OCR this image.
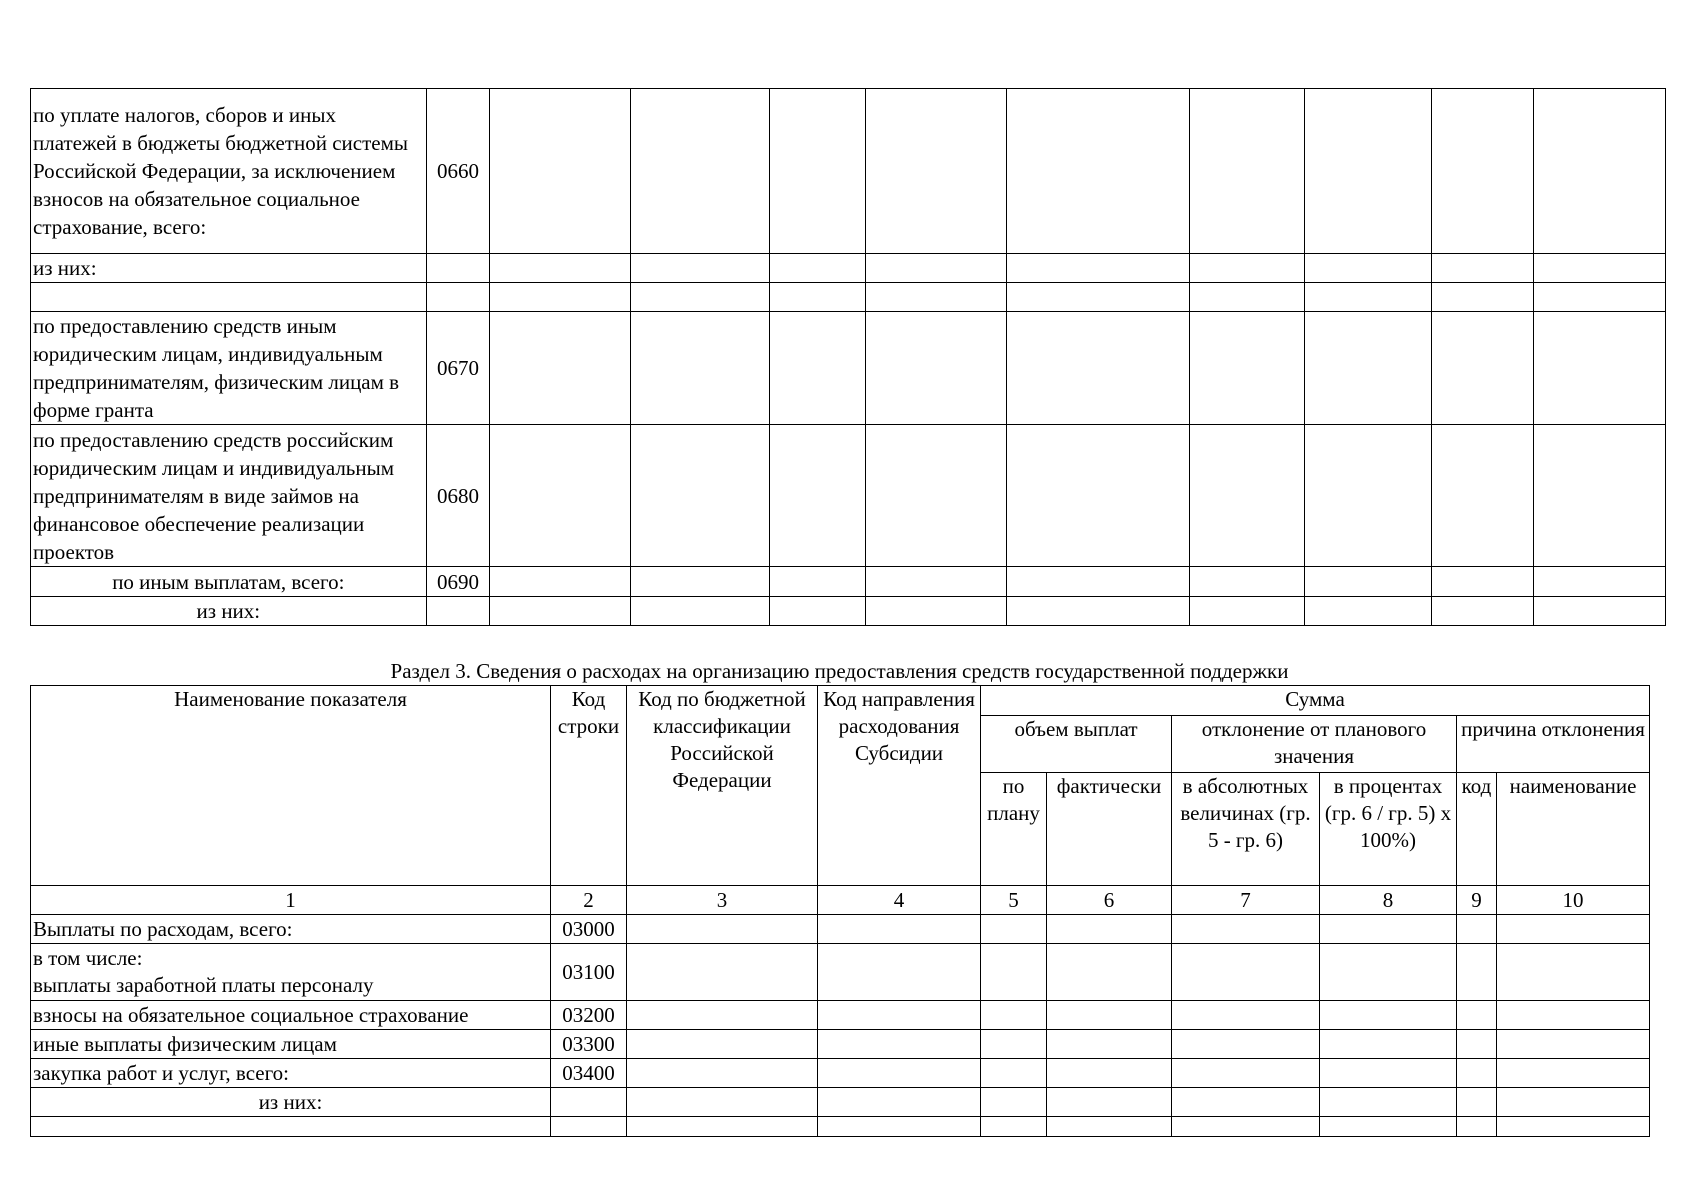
по уплате налогов, сборов и иных платежей в бюджеты бюджетной системы Российской Федерации, за исключением взносов на обязательное социальное страхование, всего:	0660									
из них:										

по предоставлению средств иным юридическим лицам, индивидуальным предпринимателям, физическим лицам в форме гранта	0670									
по предоставлению средств российским юридическим лицам и индивидуальным предпринимателям в виде займов на финансовое обеспечение реализации проектов	0680									
по иным выплатам, всего:	0690									
из них:										

Раздел 3. Сведения о расходах на организацию предоставления средств государственной поддержки

Наименование показателя	Код строки	Код по бюджетной классификации Российской Федерации	Код направления расходования Субсидии	Сумма					
				объем выплат		отклонение от планового значения		причина отклонения	
				по плану	фактически	в абсолютных величинах (гр. 5 - гр. 6)	в процентах (гр. 6 / гр. 5) x 100%)	код	наименование

1	2	3	4	5	6	7	8	9	10
Выплаты по расходам, всего:	03000								
в том числе:
выплаты заработной платы персоналу	03100								
взносы на обязательное социальное страхование	03200								
иные выплаты физическим лицам	03300								
закупка работ и услуг, всего:	03400								
из них:									
